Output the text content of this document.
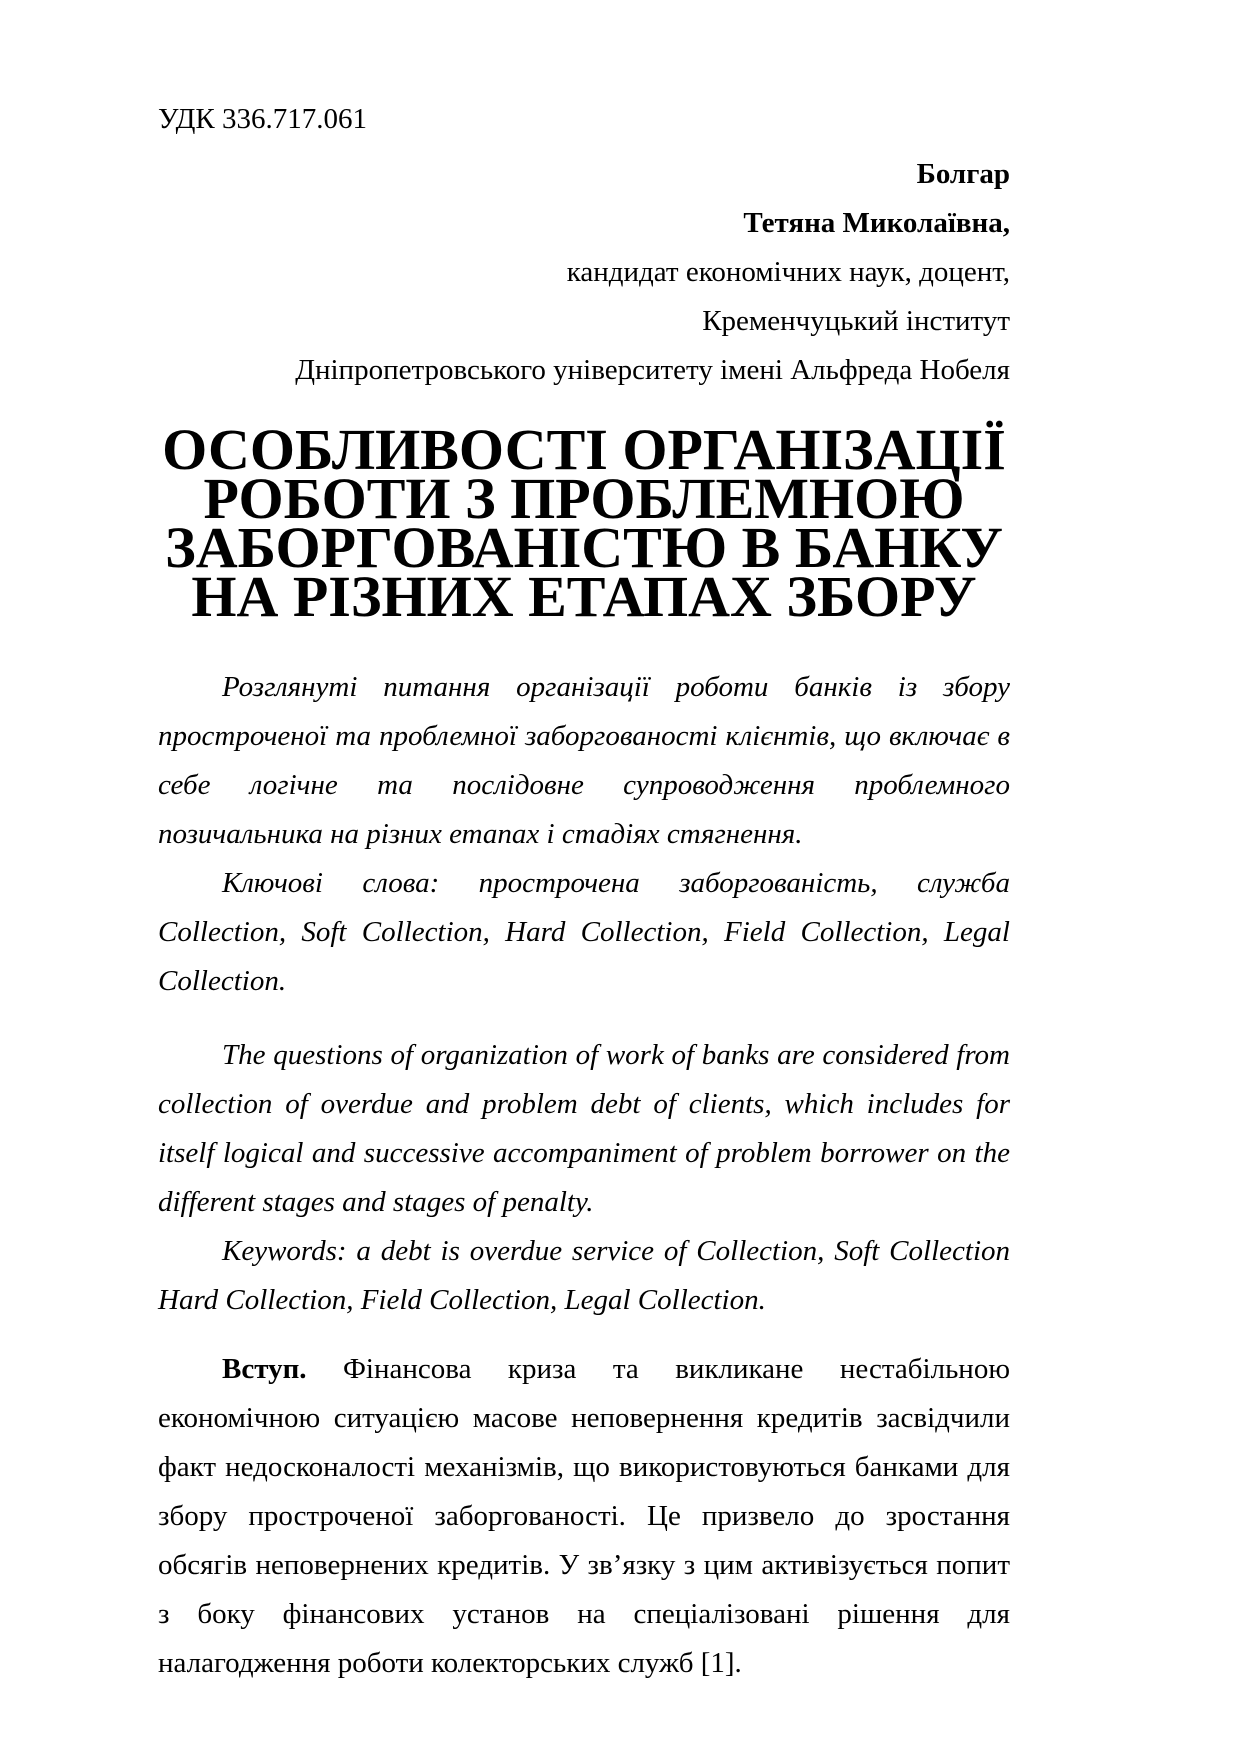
УДК 336.717.061

Болгар
Тетяна Миколаївна,
кандидат економічних наук, доцент,
Кременчуцький інститут
Дніпропетровського університету імені Альфреда Нобеля
ОСОБЛИВОСТІ ОРГАНІЗАЦІЇ РОБОТИ З ПРОБЛЕМНОЮ ЗАБОРГОВАНІСТЮ В БАНКУ НА РІЗНИХ ЕТАПАХ ЗБОРУ

Розглянуті питання організації роботи банків із збору простроченої та проблемної заборгованості клієнтів, що включає в себе логічне та послідовне супроводження проблемного позичальника на різних етапах і стадіях стягнення.

Ключові слова: прострочена заборгованість, служба Collection, Soft Collection, Hard Collection, Field Collection, Legal Collection.

The questions of organization of work of banks are considered from collection of overdue and problem debt of clients, which includes for itself logical and successive accompaniment of problem borrower on the different stages and stages of penalty.

Keywords: a debt is overdue service of Collection, Soft Collection Hard Collection, Field Collection, Legal Collection.

Вступ. Фінансова криза та викликане нестабільною економічною ситуацією масове неповернення кредитів засвідчили факт недосконалості механізмів, що використовуються банками для збору простроченої заборгованості. Це призвело до зростання обсягів неповернених кредитів. У зв’язку з цим активізується попит з боку фінансових установ на спеціалізовані рішення для налагодження роботи колекторських служб [1].
